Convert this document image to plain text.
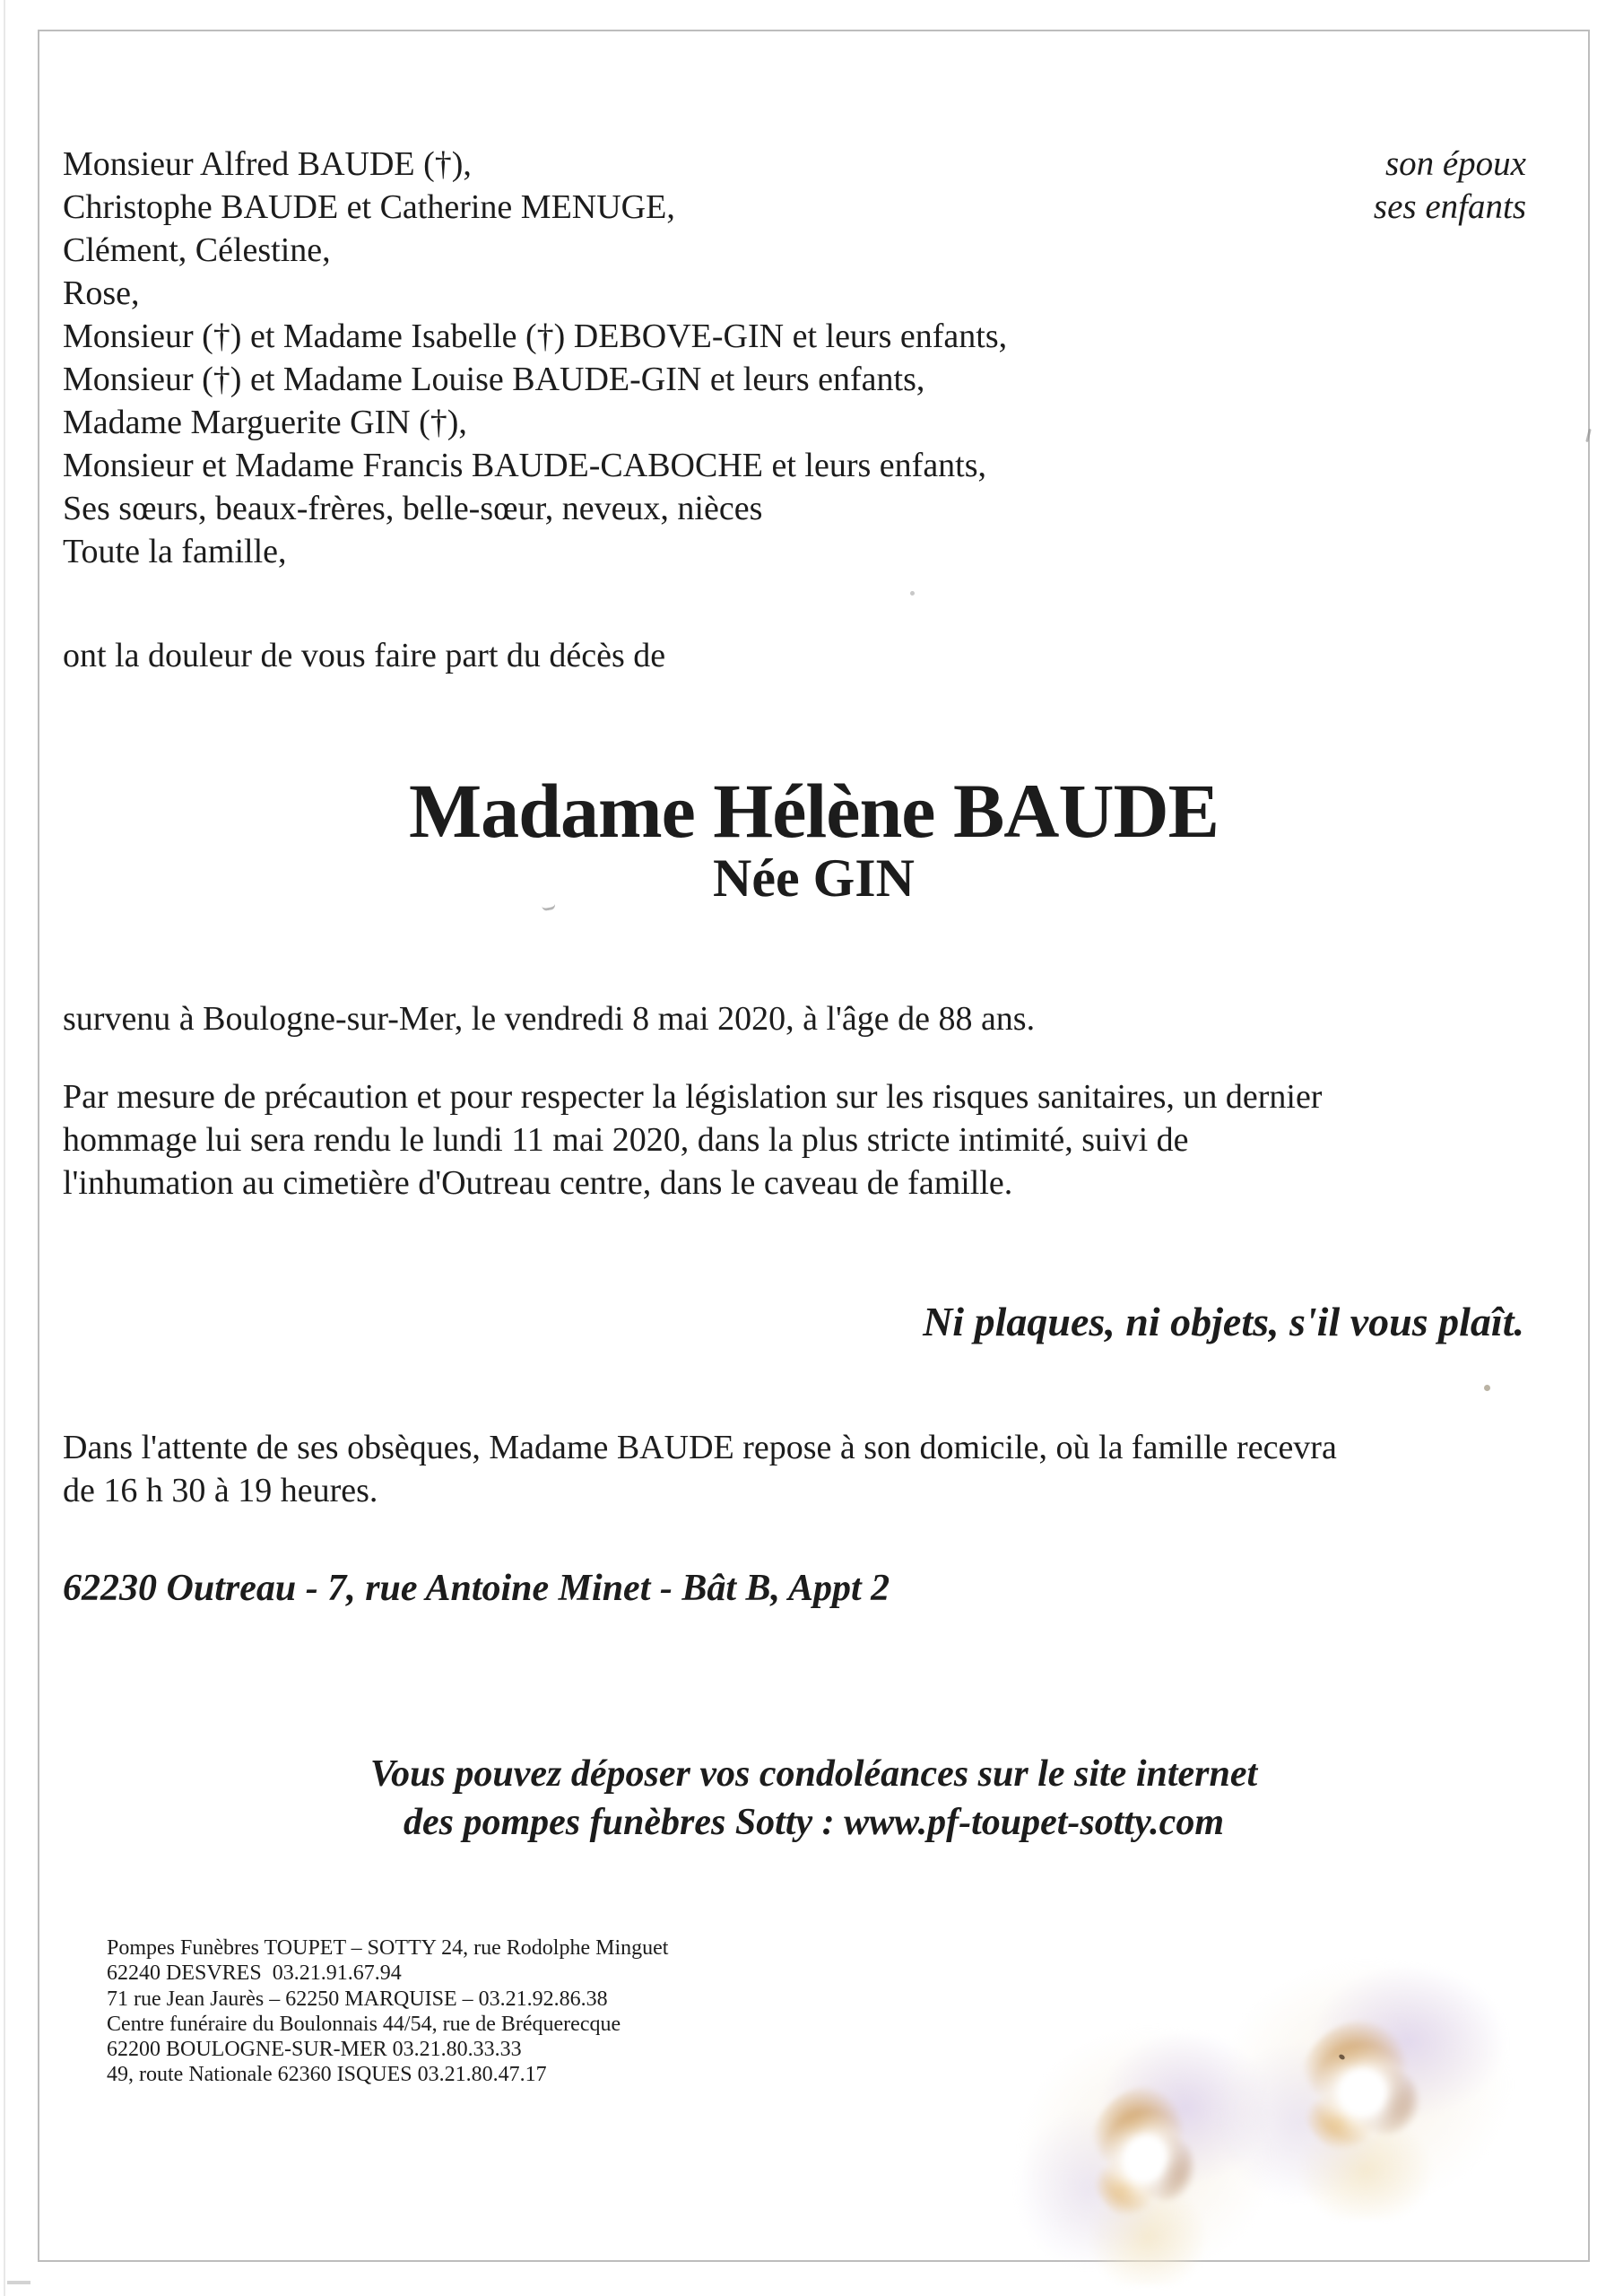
Monsieur Alfred BAUDE (†),
Christophe BAUDE et Catherine MENUGE,
Clément, Célestine,
Rose,
Monsieur (†) et Madame Isabelle (†) DEBOVE-GIN et leurs enfants,
Monsieur (†) et Madame Louise BAUDE-GIN et leurs enfants,
Madame Marguerite GIN (†),
Monsieur et Madame Francis BAUDE-CABOCHE et leurs enfants,
Ses sœurs, beaux-frères, belle-sœur, neveux, nièces
Toute la famille,
son époux
ses enfants
ont la douleur de vous faire part du décès de
Madame Hélène BAUDE
Née GIN
survenu à Boulogne-sur-Mer, le vendredi 8 mai 2020, à l'âge de 88 ans.
Par mesure de précaution et pour respecter la législation sur les risques sanitaires, un dernier
hommage lui sera rendu le lundi 11 mai 2020, dans la plus stricte intimité, suivi de
l'inhumation au cimetière d'Outreau centre, dans le caveau de famille.
Ni plaques, ni objets, s'il vous plaît.
Dans l'attente de ses obsèques, Madame BAUDE repose à son domicile, où la famille recevra
de 16 h 30 à 19 heures.
62230 Outreau - 7, rue Antoine Minet - Bât B, Appt 2
Vous pouvez déposer vos condoléances sur le site internet
des pompes funèbres Sotty : www.pf-toupet-sotty.com
Pompes Funèbres TOUPET – SOTTY 24, rue Rodolphe Minguet
62240 DESVRES  03.21.91.67.94
71 rue Jean Jaurès – 62250 MARQUISE – 03.21.92.86.38
Centre funéraire du Boulonnais 44/54, rue de Bréquerecque
62200 BOULOGNE-SUR-MER 03.21.80.33.33
49, route Nationale 62360 ISQUES 03.21.80.47.17
